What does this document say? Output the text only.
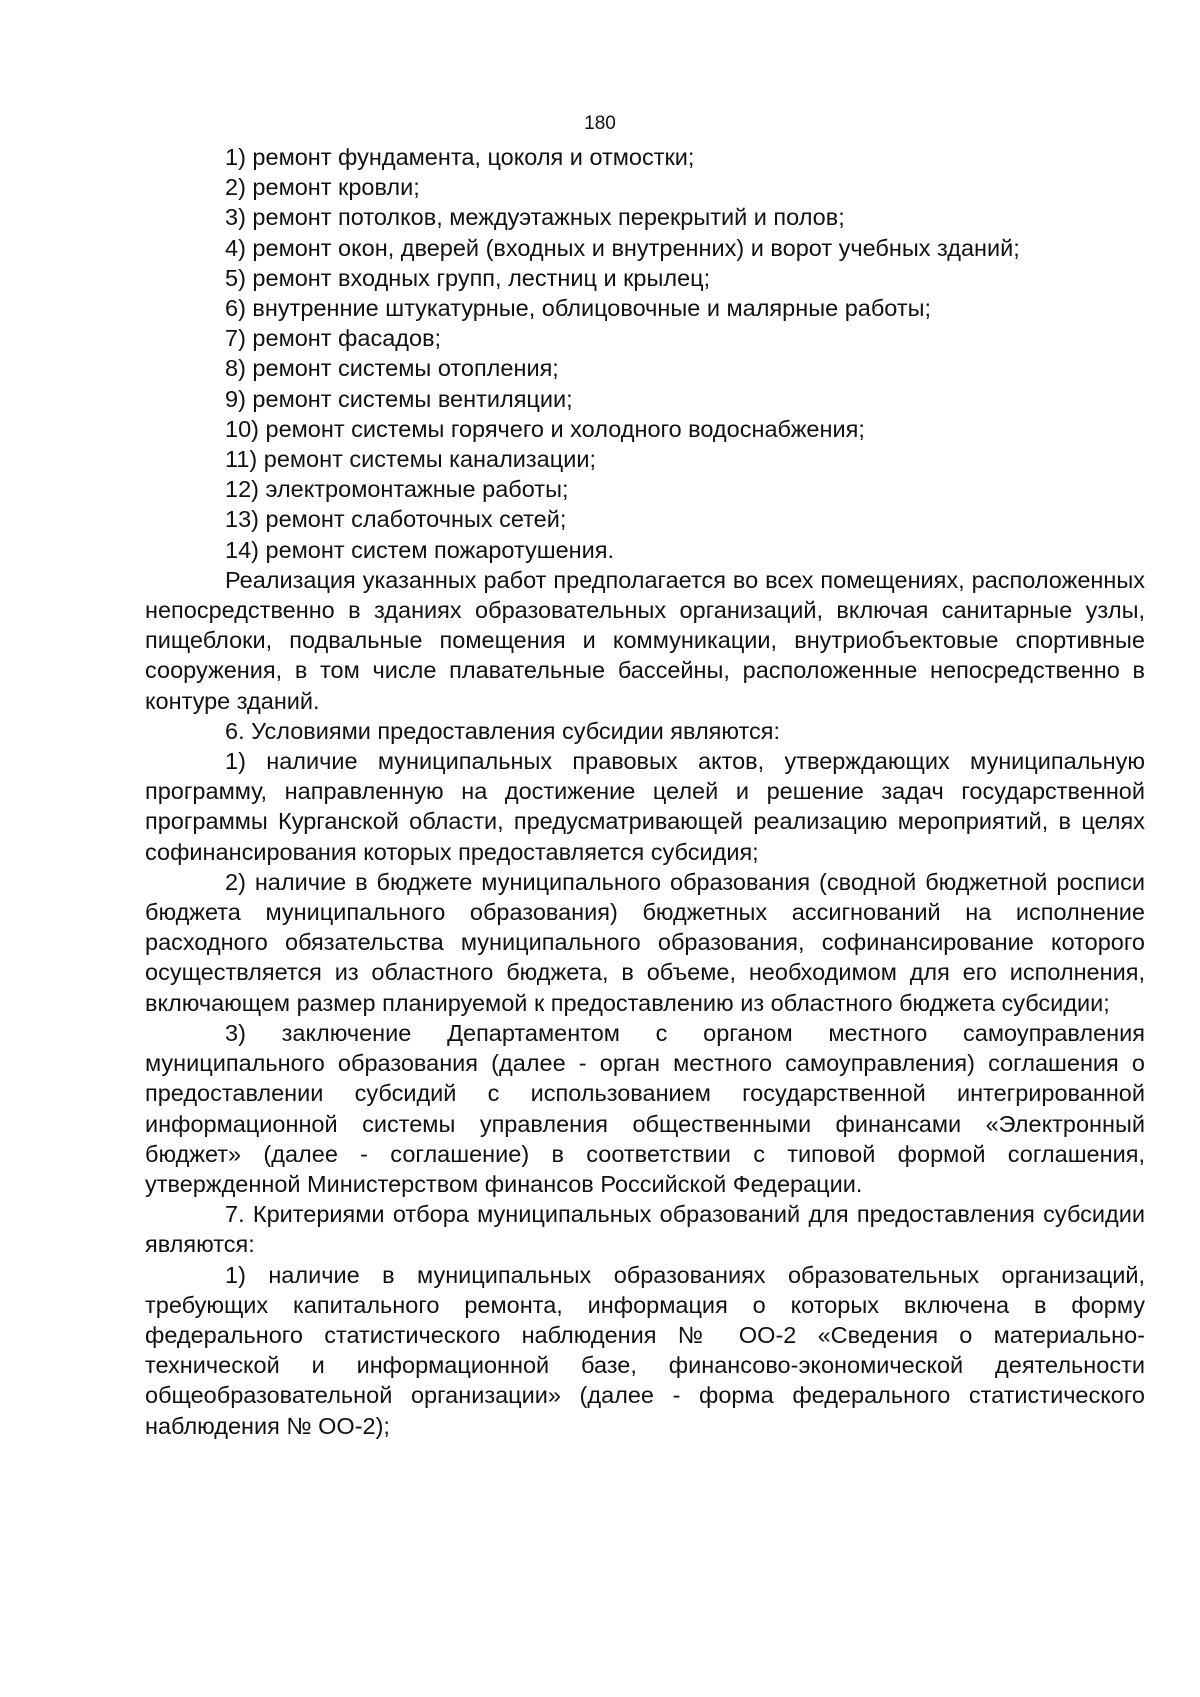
180

1) ремонт фундамента, цоколя и отмостки;

2) ремонт кровли;

3) ремонт потолков, междуэтажных перекрытий и полов;

4) ремонт окон, дверей (входных и внутренних) и ворот учебных зданий;

5) ремонт входных групп, лестниц и крылец;

6) внутренние штукатурные, облицовочные и малярные работы;

7) ремонт фасадов;

8) ремонт системы отопления;

9) ремонт системы вентиляции;

10) ремонт системы горячего и холодного водоснабжения;

11) ремонт системы канализации;

12) электромонтажные работы;

13) ремонт слаботочных сетей;

14) ремонт систем пожаротушения.

Реализация указанных работ предполагается во всех помещениях, расположенных непосредственно в зданиях образовательных организаций, включая санитарные узлы, пищеблоки, подвальные помещения и коммуникации, внутриобъектовые спортивные сооружения, в том числе плавательные бассейны, расположенные непосредственно в контуре зданий.

6. Условиями предоставления субсидии являются:

1) наличие муниципальных правовых актов, утверждающих муниципальную программу, направленную на достижение целей и решение задач государственной программы Курганской области, предусматривающей реализацию мероприятий, в целях софинансирования которых предоставляется субсидия;

2) наличие в бюджете муниципального образования (сводной бюджетной росписи бюджета муниципального образования) бюджетных ассигнований на исполнение расходного обязательства муниципального образования, софинансирование которого осуществляется из областного бюджета, в объеме, необходимом для его исполнения, включающем размер планируемой к предоставлению из областного бюджета субсидии;

3) заключение Департаментом с органом местного самоуправления муниципального образования (далее - орган местного самоуправления) соглашения о предоставлении субсидий с использованием государственной интегрированной информационной системы управления общественными финансами «Электронный бюджет» (далее - соглашение) в соответствии с типовой формой соглашения, утвержденной Министерством финансов Российской Федерации.

7. Критериями отбора муниципальных образований для предоставления субсидии являются:

1) наличие в муниципальных образованиях образовательных организаций, требующих капитального ремонта, информация о которых включена в форму федерального статистического наблюдения № ОО-2 «Сведения о материально-технической и информационной базе, финансово-экономической деятельности общеобразовательной организации» (далее - форма федерального статистического наблюдения № ОО-2);
